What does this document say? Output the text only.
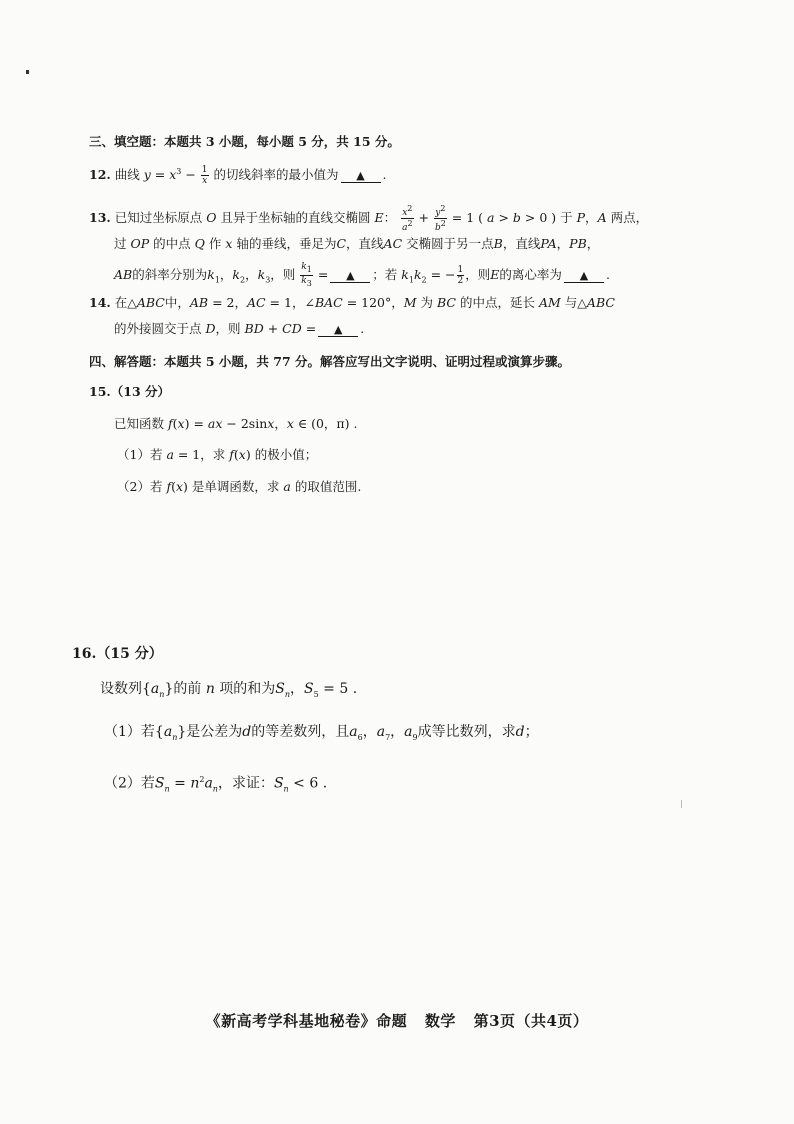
三、填空题：本题共 3 小题，每小题 5 分，共 15 分。
12. 曲线 $y = x^3 - \frac{1}{x}$ 的切线斜率的最小值为 ▲ .
13. 已知过坐标原点 O 且异于坐标轴的直线交椭圆 E： $\frac{x^2}{a^2} + \frac{y^2}{b^2} = 1$ ( a > b > 0 ) 于 P，A 两点，
过 OP 的中点 Q 作 x 轴的垂线，垂足为C，直线AC 交椭圆于另一点B，直线PA，PB，
AB的斜率分别为$k_1$，$k_2$，$k_3$，则 $\frac{k_1}{k_3}$ = ▲ ；若 $k_1k_2$ = − $\frac{1}{2}$ ，则E的离心率为 ▲ .
14. 在△ABC中，AB = 2，AC = 1，∠BAC = 120°，M 为 BC 的中点，延长 AM 与△ABC
的外接圆交于点 D，则 BD + CD = ▲ .
四、解答题：本题共 5 小题，共 77 分。解答应写出文字说明、证明过程或演算步骤。
15.（13 分）
已知函数 f(x) = ax − 2sinx，x ∈ (0，π) .
（1）若 a = 1，求 f(x) 的极小值；
（2）若 f(x) 是单调函数，求 a 的取值范围.
16.（15 分）
设数列$\{a_n\}$的前 n 项的和为$S_n$，$S_5 = 5$ .
（1）若$\{a_n\}$是公差为d的等差数列，且$a_6$，$a_7$，$a_9$成等比数列，求d；
（2）若$S_n = n^2a_n$，求证：$S_n < 6$ .
《新高考学科基地秘卷》命题 数学 第3页（共4页）
